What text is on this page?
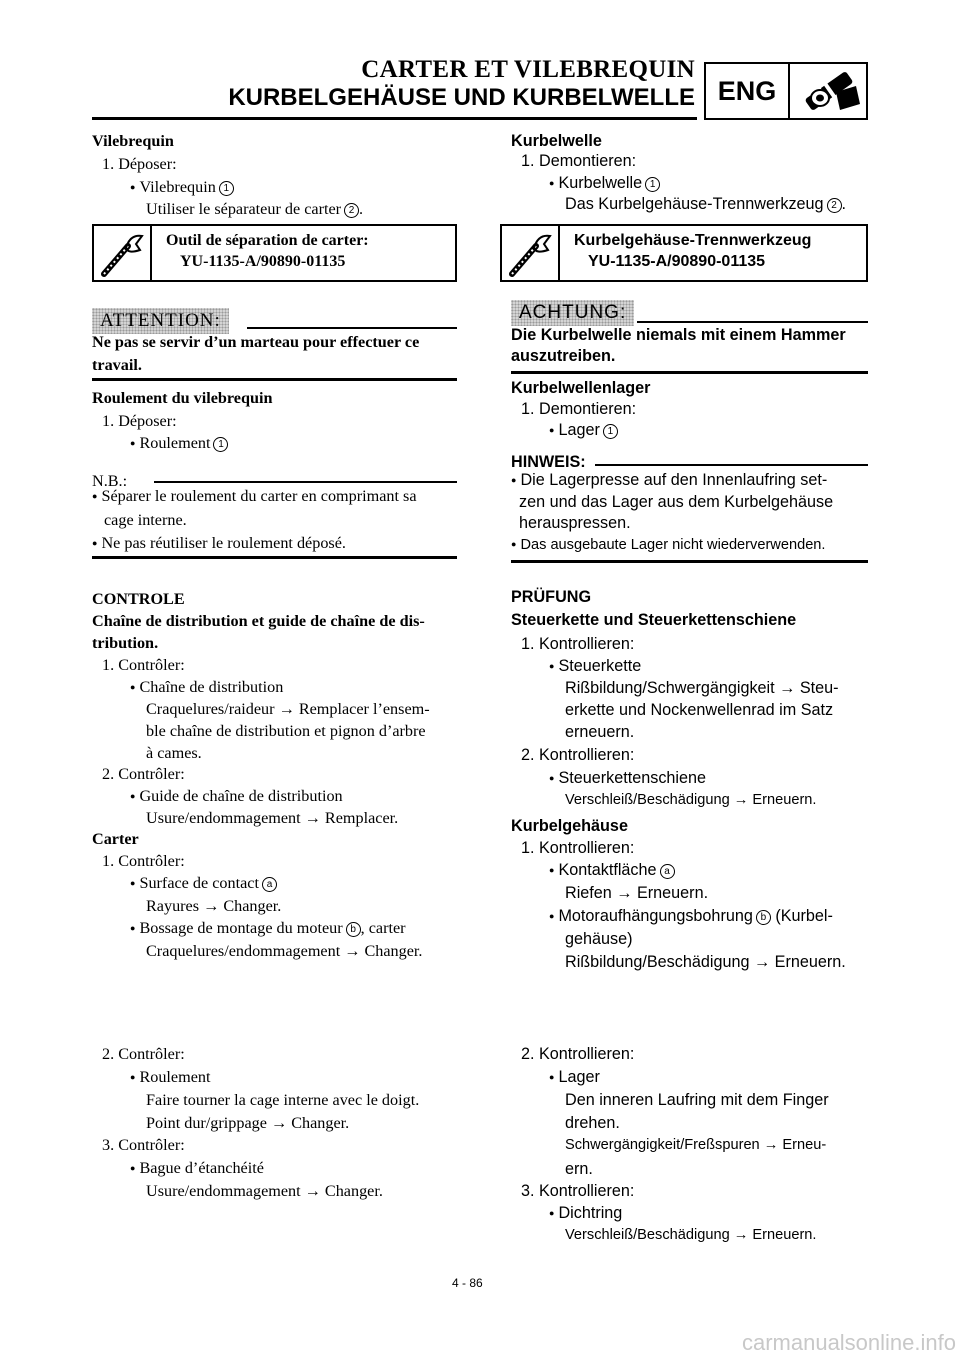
CARTER ET VILEBREQUIN
KURBELGEHÄUSE UND KURBELWELLE ENG
Vilebrequin
1. Déposer:
● Vilebrequin 1
Utiliser le séparateur de carter 2 .
Outil de séparation de carter:
YU-1135-A/90890-01135
ATTENTION:
Ne pas se servir d’un marteau pour effectuer ce
travail.
Roulement du vilebrequin
1. Déposer:
● Roulement 1
N.B.:
● Séparer le roulement du carter en comprimant sa
cage interne.
● Ne pas réutiliser le roulement déposé.
CONTROLE
Chaîne de distribution et guide de chaîne de dis-
tribution.
1. Contrôler:
● Chaîne de distribution
Craquelures/raideur → Remplacer l’ensem-
ble chaîne de distribution et pignon d’arbre
à cames.
2. Contrôler:
● Guide de chaîne de distribution
Usure/endommagement → Remplacer.
Carter
1. Contrôler:
● Surface de contact a
Rayures → Changer.
● Bossage de montage du moteur b , carter
Craquelures/endommagement → Changer.
2. Contrôler:
● Roulement
Faire tourner la cage interne avec le doigt.
Point dur/grippage → Changer.
3. Contrôler:
● Bague d’étanchéité
Usure/endommagement → Changer.
Kurbelwelle
1. Demontieren:
● Kurbelwelle 1
Das Kurbelgehäuse-Trennwerkzeug 2 .
Kurbelgehäuse-Trennwerkzeug
YU-1135-A/90890-01135
ACHTUNG:
Die Kurbelwelle niemals mit einem Hammer
auszutreiben.
Kurbelwellenlager
1. Demontieren:
● Lager 1
HINWEIS:
● Die Lagerpresse auf den Innenlaufring set-
zen und das Lager aus dem Kurbelgehäuse
herauspressen.
● Das ausgebaute Lager nicht wiederverwenden.
PRÜFUNG
Steuerkette und Steuerkettenschiene
1. Kontrollieren:
● Steuerkette
Rißbildung/Schwergängigkeit → Steu-
erkette und Nockenwellenrad im Satz
erneuern.
2. Kontrollieren:
● Steuerkettenschiene
Verschleiß/Beschädigung → Erneuern.
Kurbelgehäuse
1. Kontrollieren:
● Kontaktfläche a
Riefen → Erneuern.
● Motoraufhängungsbohrung b (Kurbel-
gehäuse)
Rißbildung/Beschädigung → Erneuern.
2. Kontrollieren:
● Lager
Den inneren Laufring mit dem Finger
drehen.
Schwergängigkeit/Freßspuren → Erneu-
ern.
3. Kontrollieren:
● Dichtring
Verschleiß/Beschädigung → Erneuern.
4 - 86
carmanualsonline.info
